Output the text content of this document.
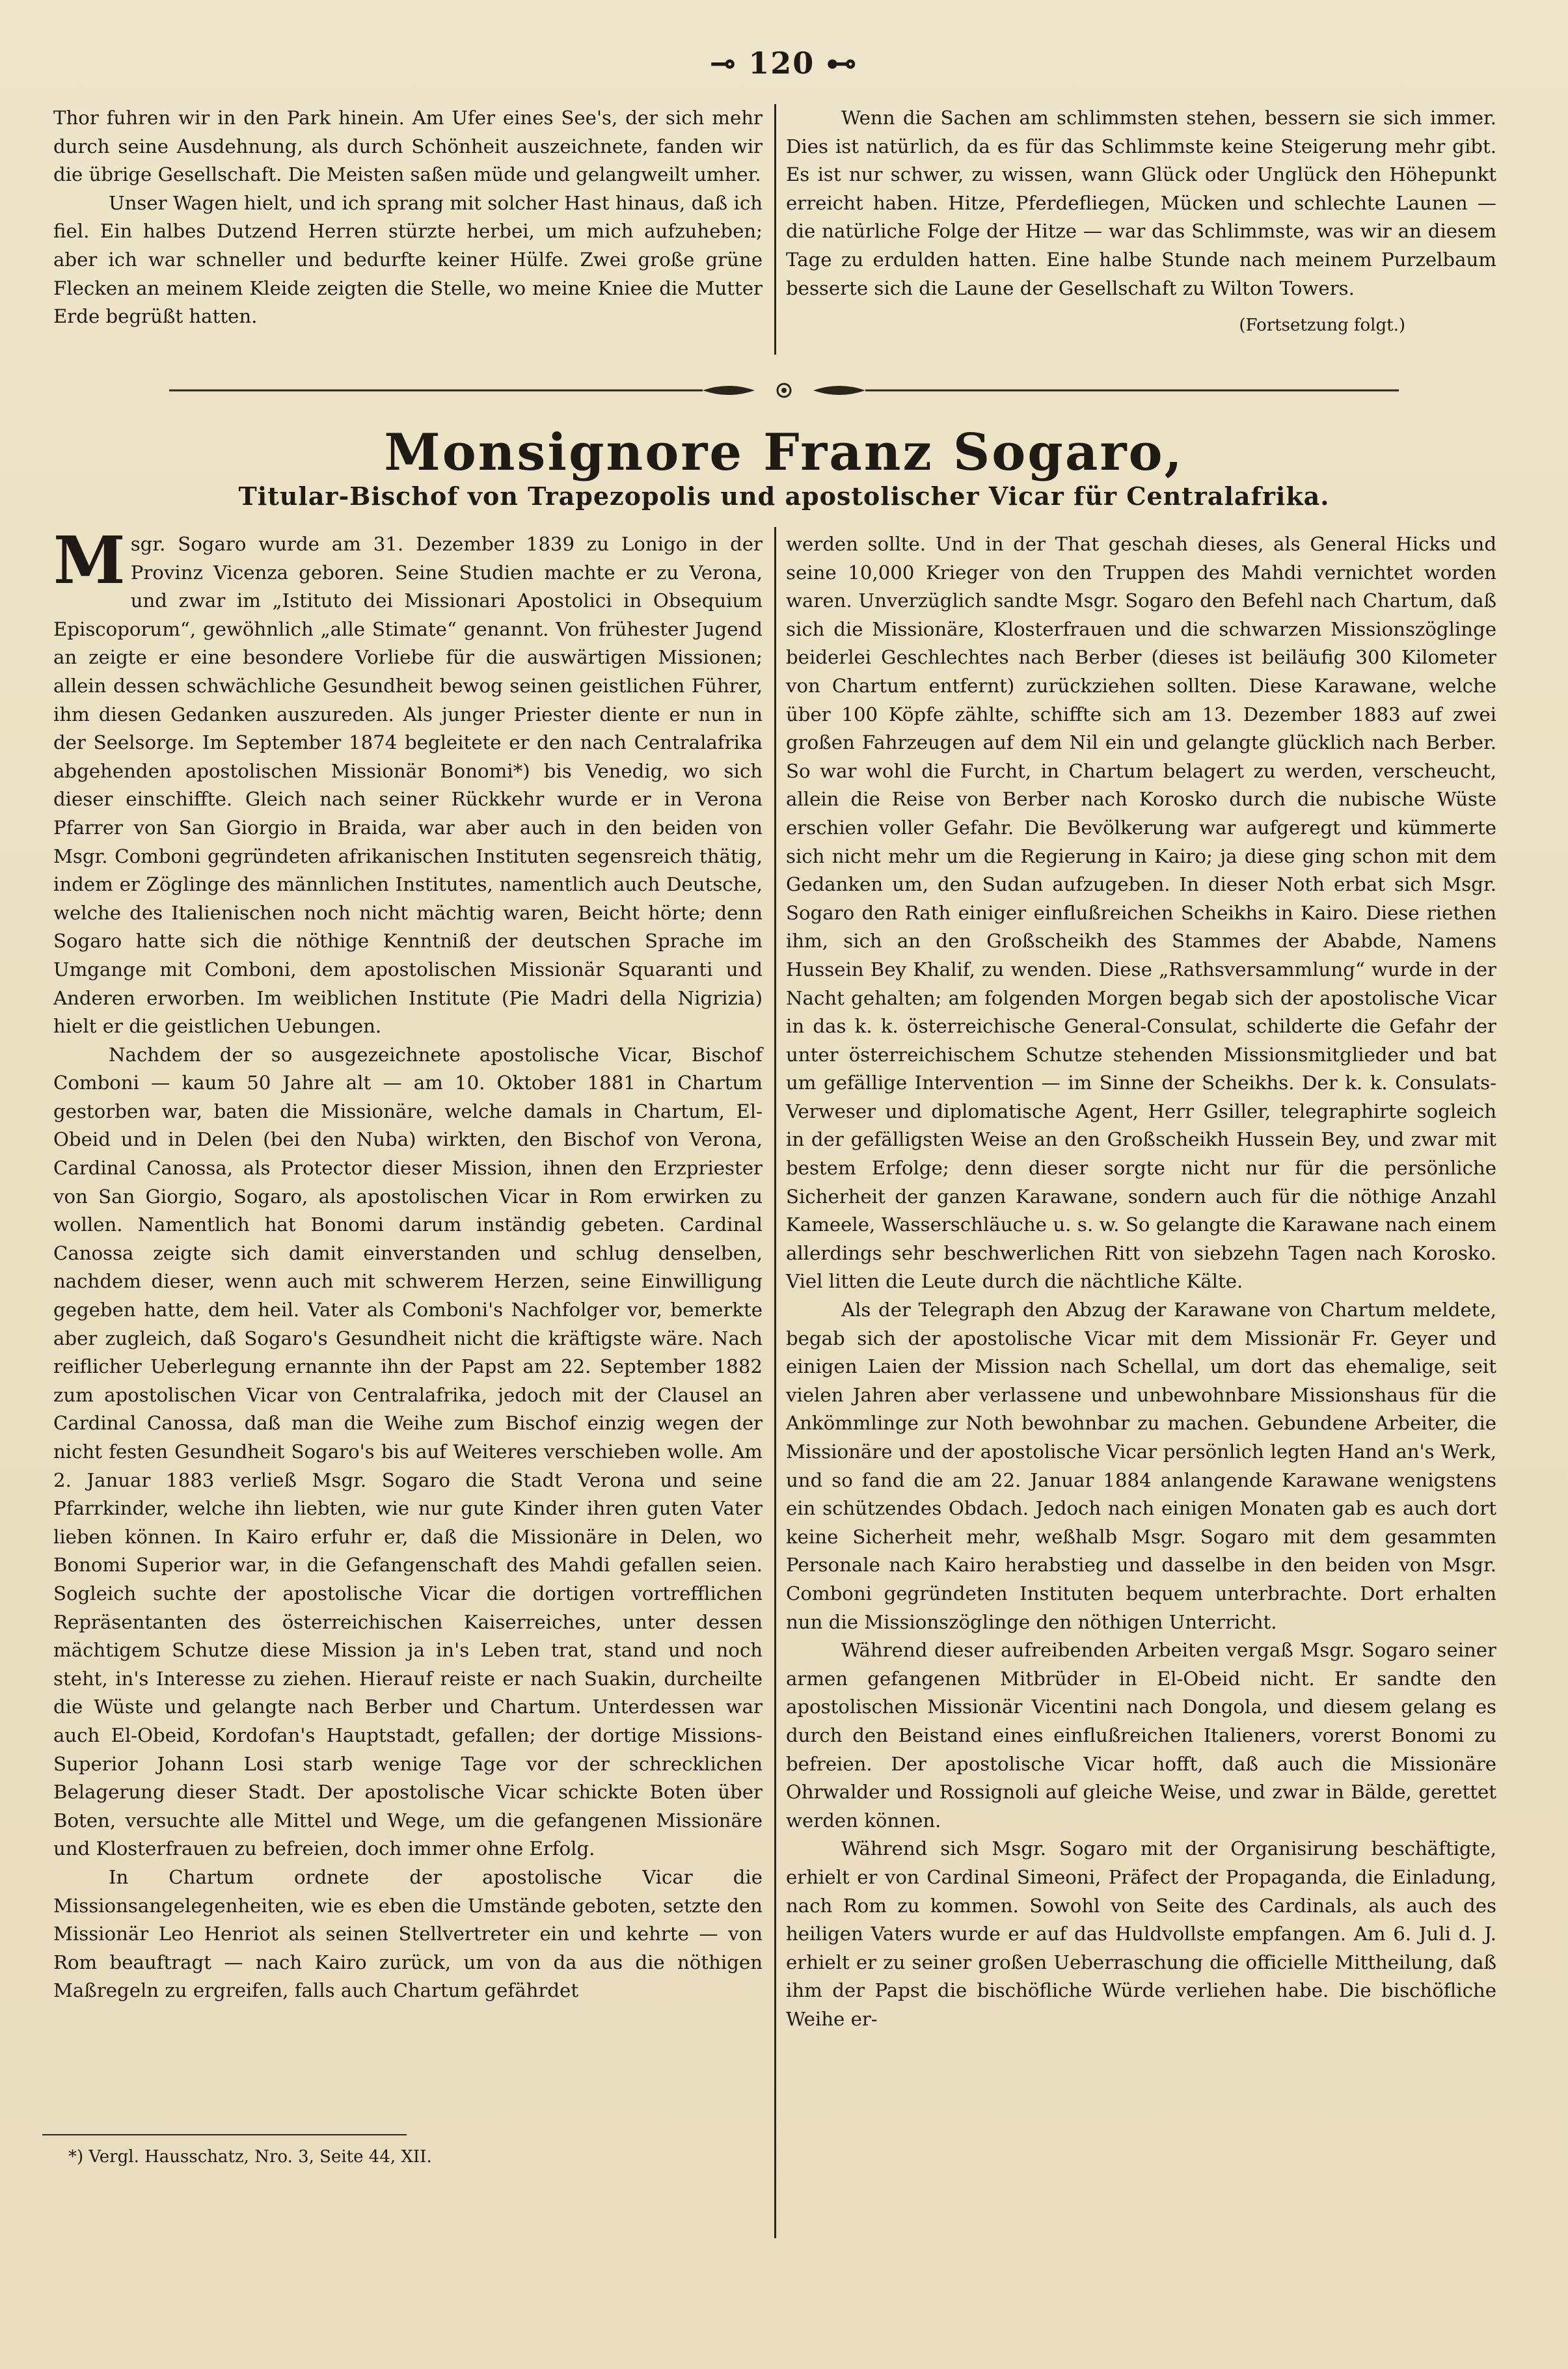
⊸ 120 ⊷

Thor fuhren wir in den Park hinein. Am Ufer eines See's, der sich mehr durch seine Ausdehnung, als durch Schönheit auszeichnete, fanden wir die übrige Gesellschaft. Die Meisten saßen müde und gelangweilt umher.

Unser Wagen hielt, und ich sprang mit solcher Hast hinaus, daß ich fiel. Ein halbes Dutzend Herren stürzte herbei, um mich aufzuheben; aber ich war schneller und bedurfte keiner Hülfe. Zwei große grüne Flecken an meinem Kleide zeigten die Stelle, wo meine Kniee die Mutter Erde begrüßt hatten.

Wenn die Sachen am schlimmsten stehen, bessern sie sich immer. Dies ist natürlich, da es für das Schlimmste keine Steigerung mehr gibt. Es ist nur schwer, zu wissen, wann Glück oder Unglück den Höhepunkt erreicht haben. Hitze, Pferdefliegen, Mücken und schlechte Launen — die natürliche Folge der Hitze — war das Schlimmste, was wir an diesem Tage zu erdulden hatten. Eine halbe Stunde nach meinem Purzelbaum besserte sich die Laune der Gesellschaft zu Wilton Towers.

(Fortsetzung folgt.)
Monsignore Franz Sogaro,
Titular-Bischof von Trapezopolis und apostolischer Vicar für Centralafrika.
M sgr. Sogaro wurde am 31. Dezember 1839 zu Lonigo in der Provinz Vicenza geboren. Seine Studien machte er zu Verona, und zwar im „Istituto dei Missionari Apostolici in Obsequium Episcoporum“, gewöhnlich „alle Stimate“ genannt. Von frühester Jugend an zeigte er eine besondere Vorliebe für die auswärtigen Missionen; allein dessen schwächliche Gesundheit bewog seinen geistlichen Führer, ihm diesen Gedanken auszureden. Als junger Priester diente er nun in der Seelsorge. Im September 1874 begleitete er den nach Centralafrika abgehenden apostolischen Missionär Bonomi*) bis Venedig, wo sich dieser einschiffte. Gleich nach seiner Rückkehr wurde er in Verona Pfarrer von San Giorgio in Braida, war aber auch in den beiden von Msgr. Comboni gegründeten afrikanischen Instituten segensreich thätig, indem er Zöglinge des männlichen Institutes, namentlich auch Deutsche, welche des Italienischen noch nicht mächtig waren, Beicht hörte; denn Sogaro hatte sich die nöthige Kenntniß der deutschen Sprache im Umgange mit Comboni, dem apostolischen Missionär Squaranti und Anderen erworben. Im weiblichen Institute (Pie Madri della Nigrizia) hielt er die geistlichen Uebungen.

Nachdem der so ausgezeichnete apostolische Vicar, Bischof Comboni — kaum 50 Jahre alt — am 10. Oktober 1881 in Chartum gestorben war, baten die Missionäre, welche damals in Chartum, El-Obeid und in Delen (bei den Nuba) wirkten, den Bischof von Verona, Cardinal Canossa, als Protector dieser Mission, ihnen den Erzpriester von San Giorgio, Sogaro, als apostolischen Vicar in Rom erwirken zu wollen. Namentlich hat Bonomi darum inständig gebeten. Cardinal Canossa zeigte sich damit einverstanden und schlug denselben, nachdem dieser, wenn auch mit schwerem Herzen, seine Einwilligung gegeben hatte, dem heil. Vater als Comboni's Nachfolger vor, bemerkte aber zugleich, daß Sogaro's Gesundheit nicht die kräftigste wäre. Nach reiflicher Ueberlegung ernannte ihn der Papst am 22. September 1882 zum apostolischen Vicar von Centralafrika, jedoch mit der Clausel an Cardinal Canossa, daß man die Weihe zum Bischof einzig wegen der nicht festen Gesundheit Sogaro's bis auf Weiteres verschieben wolle. Am 2. Januar 1883 verließ Msgr. Sogaro die Stadt Verona und seine Pfarrkinder, welche ihn liebten, wie nur gute Kinder ihren guten Vater lieben können. In Kairo erfuhr er, daß die Missionäre in Delen, wo Bonomi Superior war, in die Gefangenschaft des Mahdi gefallen seien. Sogleich suchte der apostolische Vicar die dortigen vortrefflichen Repräsentanten des österreichischen Kaiserreiches, unter dessen mächtigem Schutze diese Mission ja in's Leben trat, stand und noch steht, in's Interesse zu ziehen. Hierauf reiste er nach Suakin, durcheilte die Wüste und gelangte nach Berber und Chartum. Unterdessen war auch El-Obeid, Kordofan's Hauptstadt, gefallen; der dortige Missions-Superior Johann Losi starb wenige Tage vor der schrecklichen Belagerung dieser Stadt. Der apostolische Vicar schickte Boten über Boten, versuchte alle Mittel und Wege, um die gefangenen Missionäre und Klosterfrauen zu befreien, doch immer ohne Erfolg.

In Chartum ordnete der apostolische Vicar die Missionsangelegenheiten, wie es eben die Umstände geboten, setzte den Missionär Leo Henriot als seinen Stellvertreter ein und kehrte — von Rom beauftragt — nach Kairo zurück, um von da aus die nöthigen Maßregeln zu ergreifen, falls auch Chartum gefährdet

werden sollte. Und in der That geschah dieses, als General Hicks und seine 10,000 Krieger von den Truppen des Mahdi vernichtet worden waren. Unverzüglich sandte Msgr. Sogaro den Befehl nach Chartum, daß sich die Missionäre, Klosterfrauen und die schwarzen Missionszöglinge beiderlei Geschlechtes nach Berber (dieses ist beiläufig 300 Kilometer von Chartum entfernt) zurückziehen sollten. Diese Karawane, welche über 100 Köpfe zählte, schiffte sich am 13. Dezember 1883 auf zwei großen Fahrzeugen auf dem Nil ein und gelangte glücklich nach Berber. So war wohl die Furcht, in Chartum belagert zu werden, verscheucht, allein die Reise von Berber nach Korosko durch die nubische Wüste erschien voller Gefahr. Die Bevölkerung war aufgeregt und kümmerte sich nicht mehr um die Regierung in Kairo; ja diese ging schon mit dem Gedanken um, den Sudan aufzugeben. In dieser Noth erbat sich Msgr. Sogaro den Rath einiger einflußreichen Scheikhs in Kairo. Diese riethen ihm, sich an den Großscheikh des Stammes der Ababde, Namens Hussein Bey Khalif, zu wenden. Diese „Rathsversammlung“ wurde in der Nacht gehalten; am folgenden Morgen begab sich der apostolische Vicar in das k. k. österreichische General-Consulat, schilderte die Gefahr der unter österreichischem Schutze stehenden Missionsmitglieder und bat um gefällige Intervention — im Sinne der Scheikhs. Der k. k. Consulats-Verweser und diplomatische Agent, Herr Gsiller, telegraphirte sogleich in der gefälligsten Weise an den Großscheikh Hussein Bey, und zwar mit bestem Erfolge; denn dieser sorgte nicht nur für die persönliche Sicherheit der ganzen Karawane, sondern auch für die nöthige Anzahl Kameele, Wasserschläuche u. s. w. So gelangte die Karawane nach einem allerdings sehr beschwerlichen Ritt von siebzehn Tagen nach Korosko. Viel litten die Leute durch die nächtliche Kälte.

Als der Telegraph den Abzug der Karawane von Chartum meldete, begab sich der apostolische Vicar mit dem Missionär Fr. Geyer und einigen Laien der Mission nach Schellal, um dort das ehemalige, seit vielen Jahren aber verlassene und unbewohnbare Missionshaus für die Ankömmlinge zur Noth bewohnbar zu machen. Gebundene Arbeiter, die Missionäre und der apostolische Vicar persönlich legten Hand an's Werk, und so fand die am 22. Januar 1884 anlangende Karawane wenigstens ein schützendes Obdach. Jedoch nach einigen Monaten gab es auch dort keine Sicherheit mehr, weßhalb Msgr. Sogaro mit dem gesammten Personale nach Kairo herabstieg und dasselbe in den beiden von Msgr. Comboni gegründeten Instituten bequem unterbrachte. Dort erhalten nun die Missionszöglinge den nöthigen Unterricht.

Während dieser aufreibenden Arbeiten vergaß Msgr. Sogaro seiner armen gefangenen Mitbrüder in El-Obeid nicht. Er sandte den apostolischen Missionär Vicentini nach Dongola, und diesem gelang es durch den Beistand eines einflußreichen Italieners, vorerst Bonomi zu befreien. Der apostolische Vicar hofft, daß auch die Missionäre Ohrwalder und Rossignoli auf gleiche Weise, und zwar in Bälde, gerettet werden können.

Während sich Msgr. Sogaro mit der Organisirung beschäftigte, erhielt er von Cardinal Simeoni, Präfect der Propaganda, die Einladung, nach Rom zu kommen. Sowohl von Seite des Cardinals, als auch des heiligen Vaters wurde er auf das Huldvollste empfangen. Am 6. Juli d. J. erhielt er zu seiner großen Ueberraschung die officielle Mittheilung, daß ihm der Papst die bischöfliche Würde verliehen habe. Die bischöfliche Weihe er-

*) Vergl. Hausschatz, Nro. 3, Seite 44, XII.
